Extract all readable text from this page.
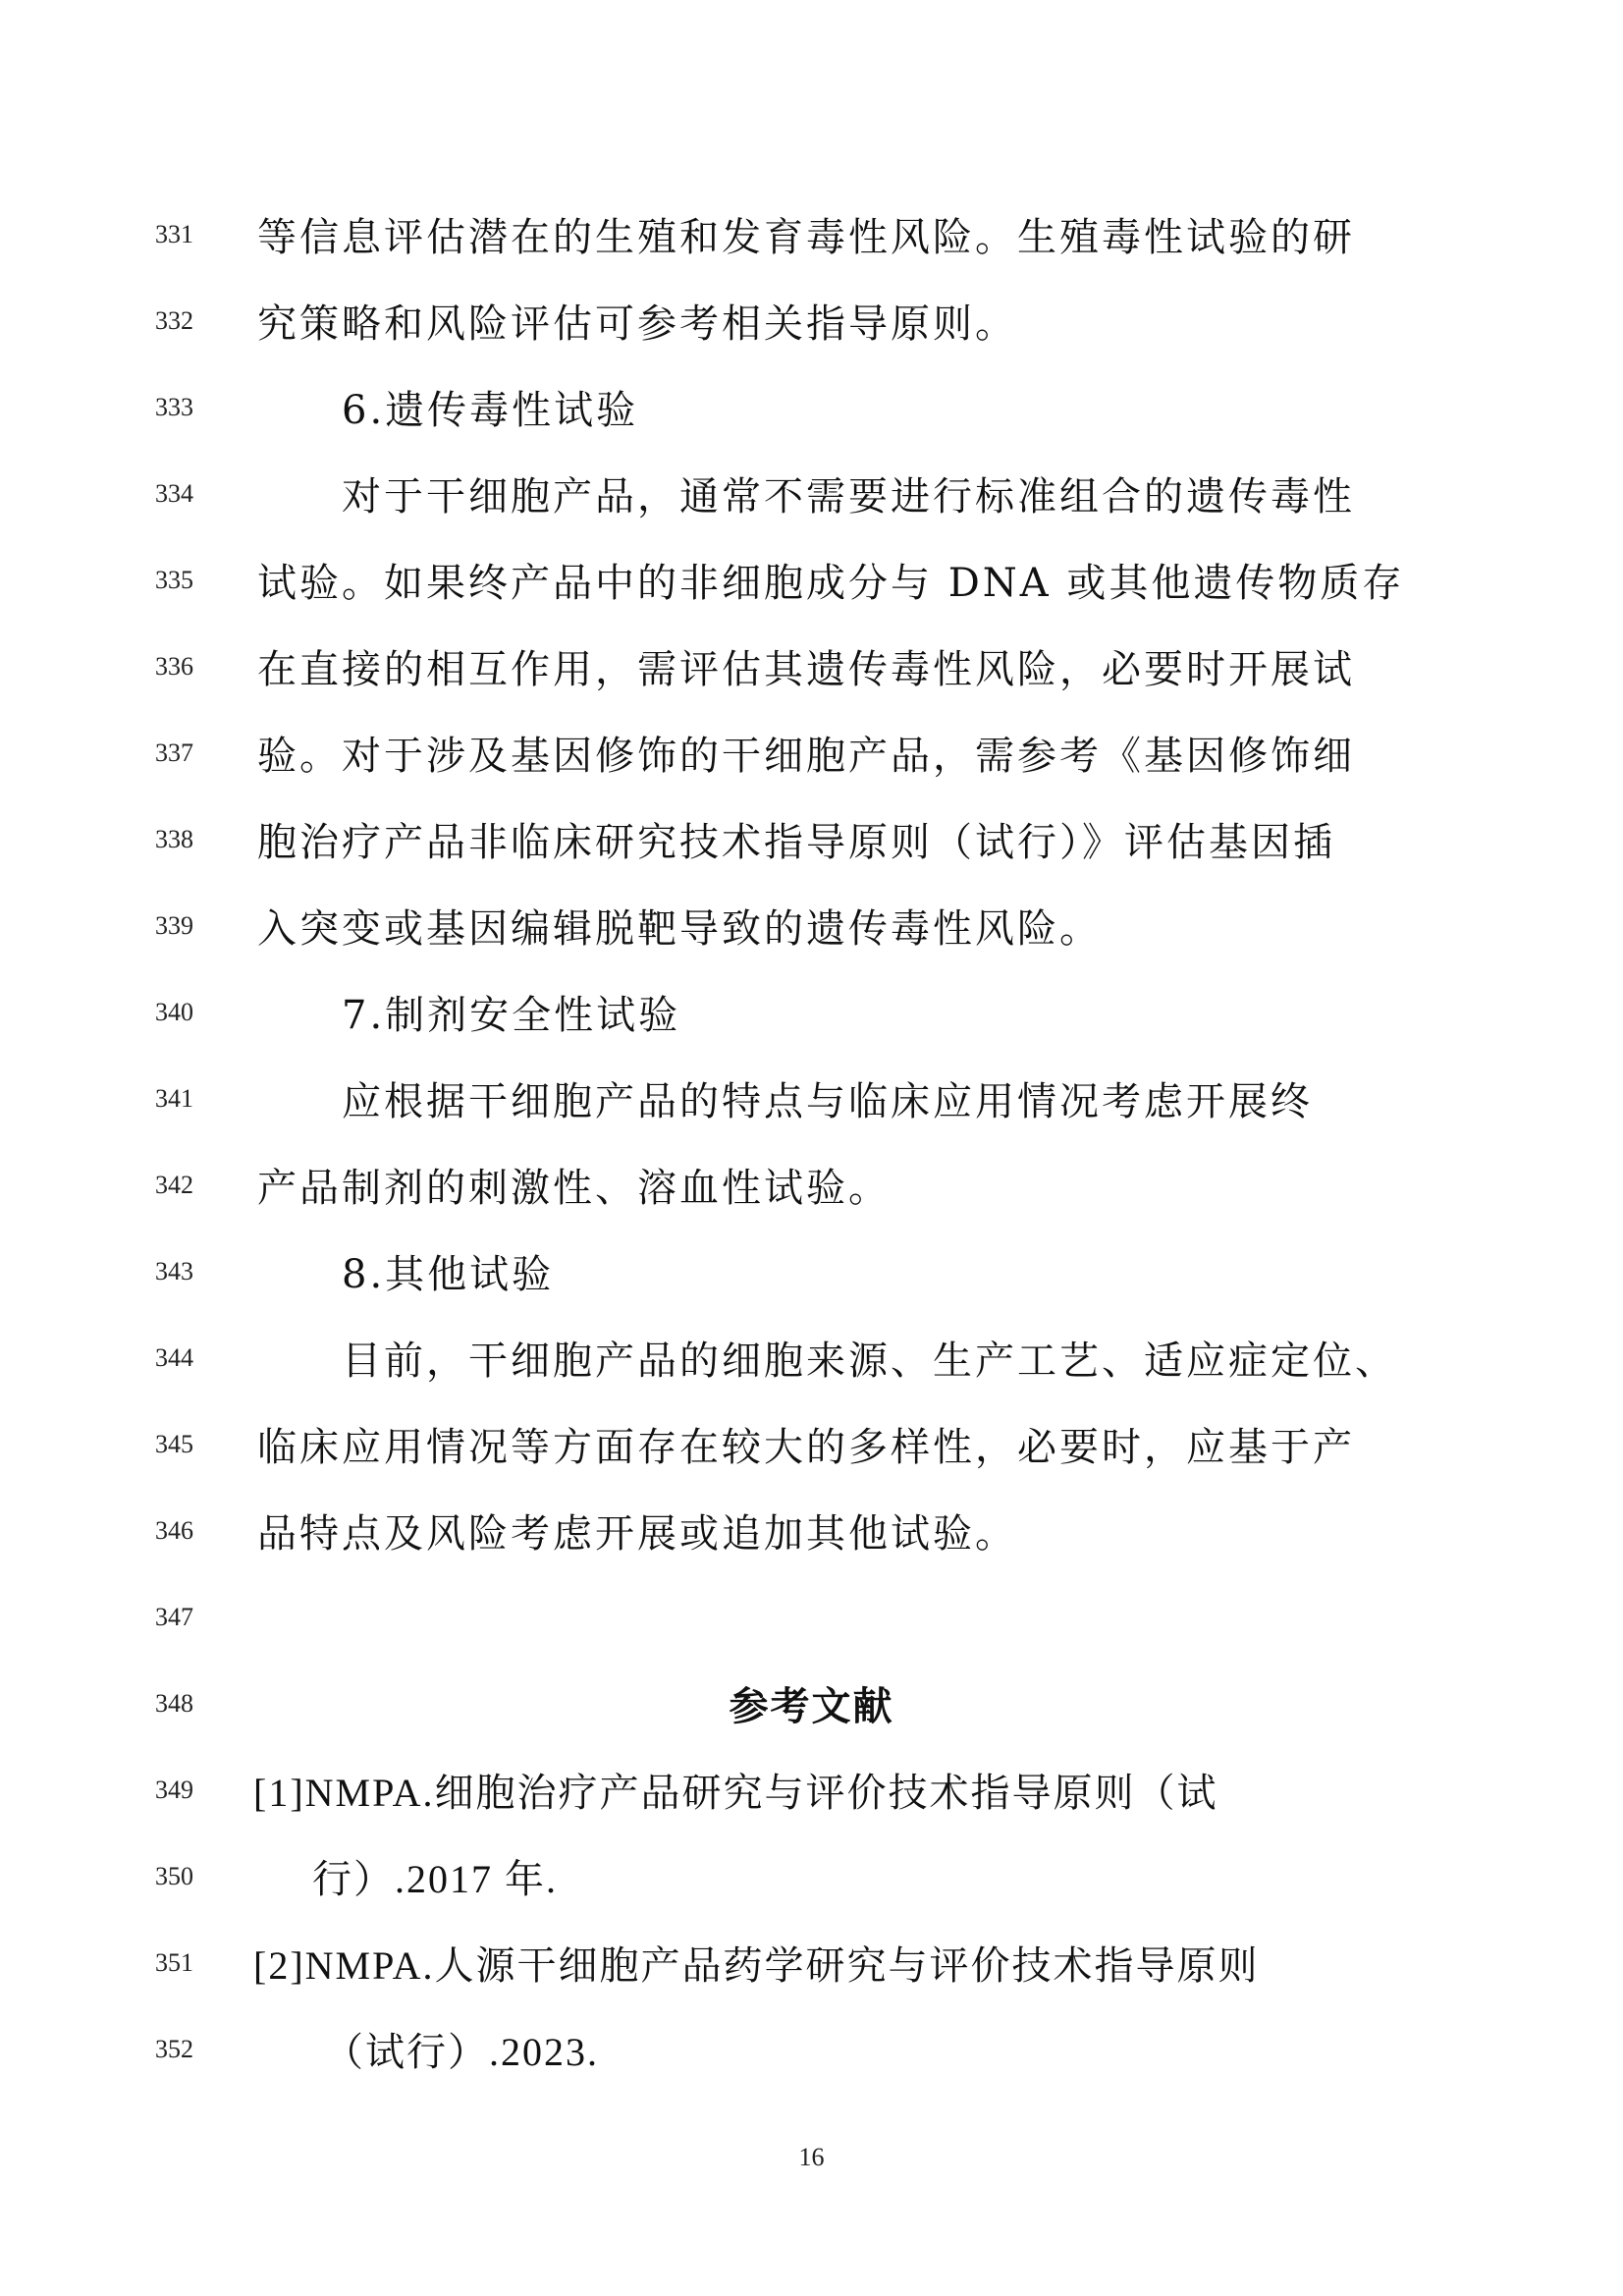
331	等信息评估潜在的生殖和发育毒性风险。生殖毒性试验的研
332	究策略和风险评估可参考相关指导原则。
333	6.遗传毒性试验
334	对于干细胞产品，通常不需要进行标准组合的遗传毒性
335	试验。如果终产品中的非细胞成分与 DNA 或其他遗传物质存
336	在直接的相互作用，需评估其遗传毒性风险，必要时开展试
337	验。对于涉及基因修饰的干细胞产品，需参考《基因修饰细
338	胞治疗产品非临床研究技术指导原则（试行）》评估基因插
339	入突变或基因编辑脱靶导致的遗传毒性风险。
340	7.制剂安全性试验
341	应根据干细胞产品的特点与临床应用情况考虑开展终
342	产品制剂的刺激性、溶血性试验。
343	8.其他试验
344	目前，干细胞产品的细胞来源、生产工艺、适应症定位、
345	临床应用情况等方面存在较大的多样性，必要时，应基于产
346	品特点及风险考虑开展或追加其他试验。
347
348	参考文献
349	[1]NMPA.细胞治疗产品研究与评价技术指导原则（试
350	行）.2017 年.
351	[2]NMPA.人源干细胞产品药学研究与评价技术指导原则
352	（试行）.2023.
16
